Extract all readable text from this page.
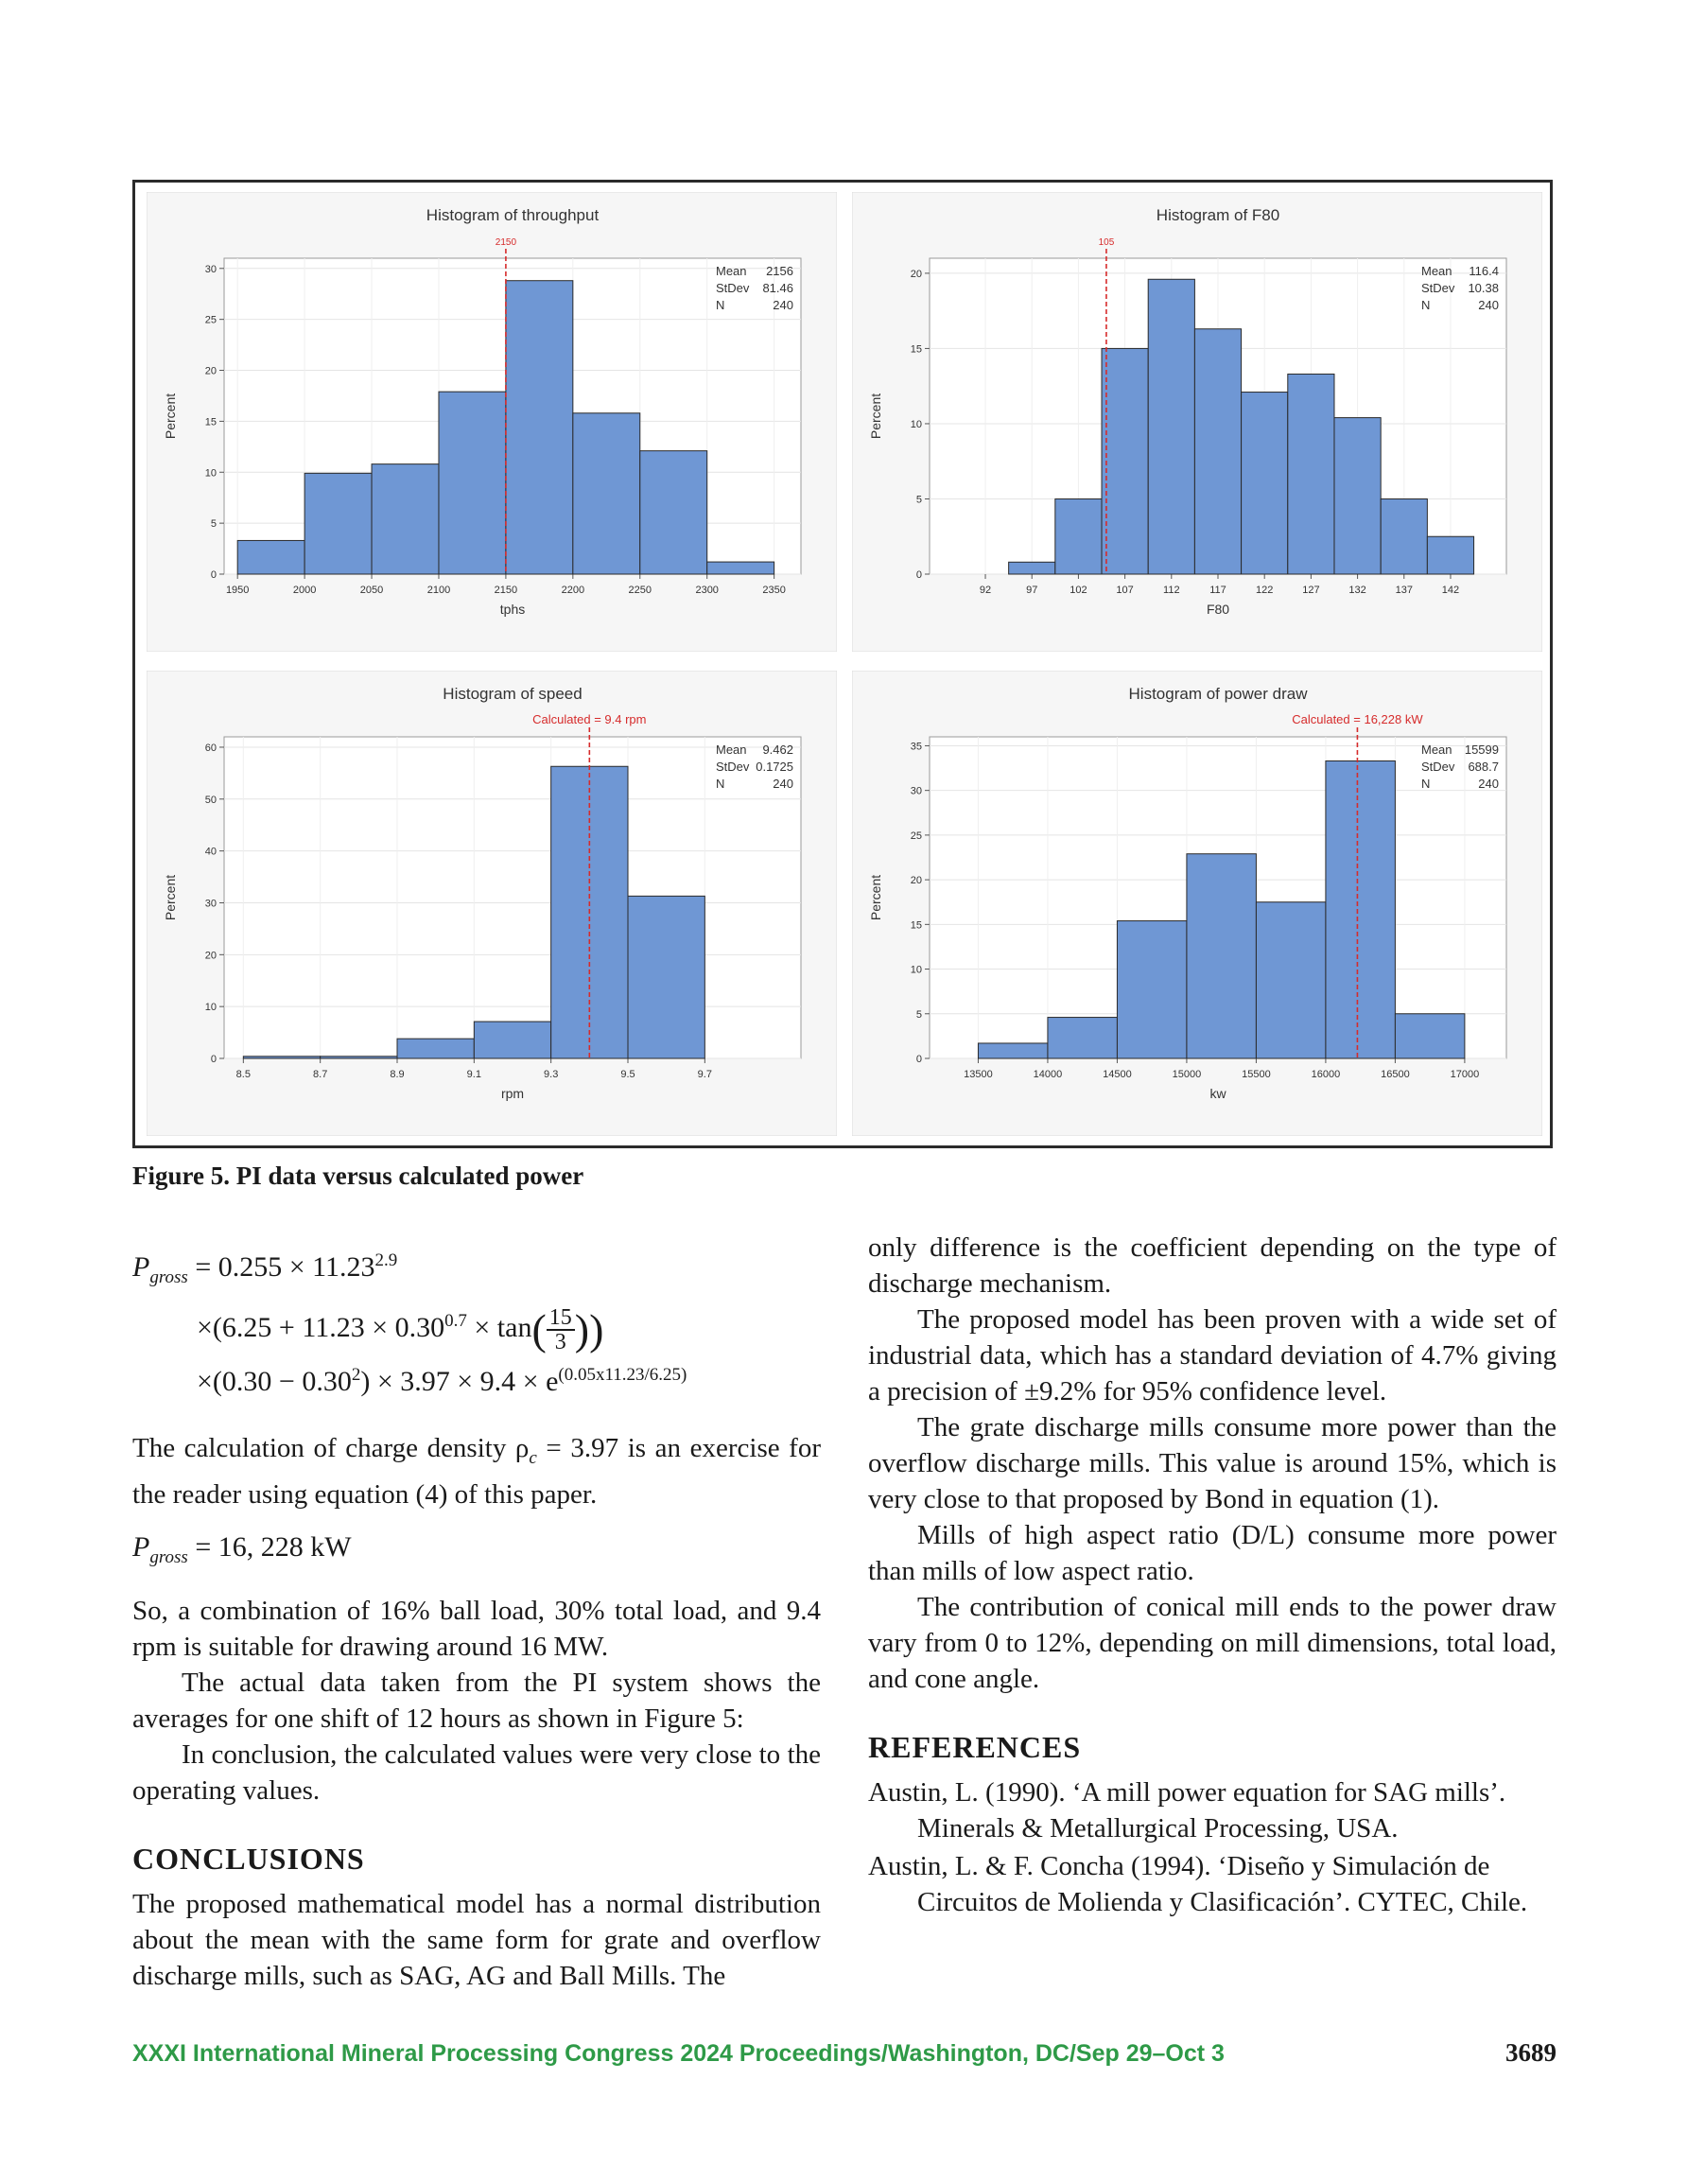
0
5
10
15
20
25
30
1950	2000	2050	2100	2150	2200	2250	2300	2350
2150
Histogram of throughput
tphs
Percent
Mean 2156
StDev 81.46
N	240
0
5
10
15
20
92	97	102	107	112	117	122	127	132	137	142
105
Histogram of F80
F80
Percent
Mean 116.4
StDev 10.38
N	240
0
10
20
30
40
50
60
8.5	8.7	8.9	9.1	9.3	9.5	9.7
Calculated = 9.4 rpm
Histogram of speed
rpm
Percent
Mean 9.462
StDev 0.1725
N	240
0
5
10
15
20
25
30
35
13500	14000	14500	15000	15500	16000	16500	17000
Calculated = 16,228 kW
Histogram of power draw
kw
Percent
Mean 15599
StDev 688.7
N	240
Figure 5. PI data versus calculated power
$P_{gross} = 0.255 \times 11.23^{2.9}$
$\times(6.25 + 11.23 \times 0.30^{0.7} \times \tan( \frac{15}{3}$ ))
$\times(0.30 - 0.30^2) \times 3.97 \times 9.4 \times e^{(0.05x11.23/6.25)}$

The calculation of charge density $\rho_c = 3.97$ is an exercise for the reader using equation (4) of this paper.

$P_{gross} = 16$, 228 kW

So, a combination of 16% ball load, 30% total load, and 9.4 rpm is suitable for drawing around 16 MW.

The actual data taken from the PI system shows the averages for one shift of 12 hours as shown in Figure 5:

In conclusion, the calculated values were very close to the operating values.

CONCLUSIONS

The proposed mathematical model has a normal distribution about the mean with the same form for grate and overflow discharge mills, such as SAG, AG and Ball Mills. The

only difference is the coefficient depending on the type of discharge mechanism.

The proposed model has been proven with a wide set of industrial data, which has a standard deviation of 4.7% giving a precision of ±9.2% for 95% confidence level.

The grate discharge mills consume more power than the overflow discharge mills. This value is around 15%, which is very close to that proposed by Bond in equation (1).

Mills of high aspect ratio (D/L) consume more power than mills of low aspect ratio.

The contribution of conical mill ends to the power draw vary from 0 to 12%, depending on mill dimensions, total load, and cone angle.

REFERENCES

Austin, L. (1990). ‘A mill power equation for SAG mills’. Minerals & Metallurgical Processing, USA.

Austin, L. & F. Concha (1994). ‘Diseño y Simulación de Circuitos de Molienda y Clasificación’. CYTEC, Chile.

XXXI International Mineral Processing Congress 2024 Proceedings/Washington, DC/Sep 29–Oct 3	3689
